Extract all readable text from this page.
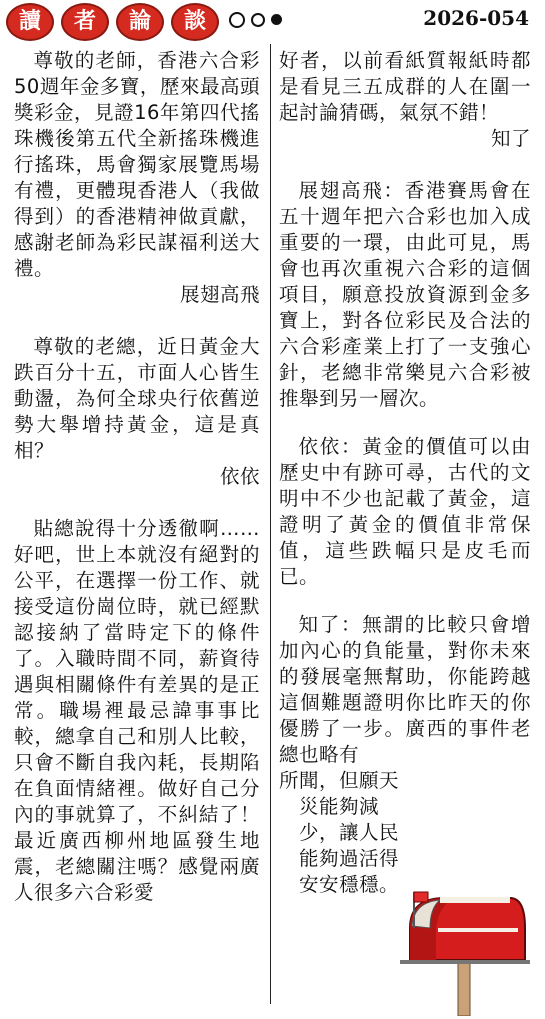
讀	者	論	談	2026-054

尊敬的老師，香港六合彩50週年金多寶，歷來最高頭獎彩金，見證16年第四代搖珠機後第五代全新搖珠機進行搖珠，馬會獨家展覽馬場有禮，更體現香港人（我做得到）的香港精神做貢獻，感謝老師為彩民謀福利送大禮。

展翅高飛

尊敬的老總，近日黃金大跌百分十五，市面人心皆生動盪，為何全球央行依舊逆勢大舉增持黃金，這是真相？

依依

貼總說得十分透徹啊……好吧，世上本就沒有絕對的公平，在選擇一份工作、就接受這份崗位時，就已經默認接納了當時定下的條件了。入職時間不同，薪資待遇與相關條件有差異的是正常。職場裡最忌諱事事比較，總拿自己和別人比較，只會不斷自我內耗，長期陷在負面情緒裡。做好自己分內的事就算了，不糾結了！最近廣西柳州地區發生地震，老總關注嗎？感覺兩廣人很多六合彩愛

好者，以前看紙質報紙時都是看見三五成群的人在圍一起討論猜碼，氣氛不錯！

知了

展翅高飛：香港賽馬會在五十週年把六合彩也加入成重要的一環，由此可見，馬會也再次重視六合彩的這個項目，願意投放資源到金多寶上，對各位彩民及合法的六合彩產業上打了一支強心針，老總非常樂見六合彩被推舉到另一層次。

依依：黃金的價值可以由歷史中有跡可尋，古代的文明中不少也記載了黃金，這證明了黃金的價值非常保值，這些跌幅只是皮毛而已。

知了：無謂的比較只會增加內心的負能量，對你未來的發展毫無幫助，你能跨越這個難題證明你比昨天的你優勝了一步。廣西的事件老總也略有

所聞，但願天

災能夠減

少，讓人民

能夠過活得

安安穩穩。
